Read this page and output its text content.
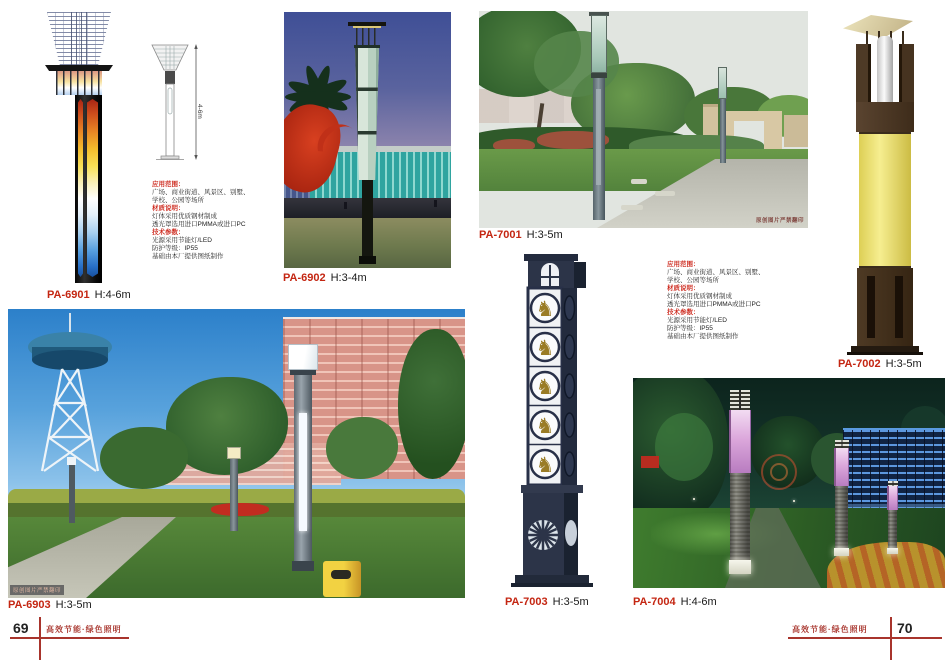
4-6m
应用范围：
广场、商业街道、风景区、别墅、
学校、公园等场所
材质说明：
灯体采用优质钢材制成
透光罩选用进口PMMA或进口PC
技术参数：
光源采用节能灯/LED
防护等级：IP55
基础由本厂提供图纸制作
原创图片严禁翻印
应用范围：
广场、商业街道、风景区、别墅、
学校、公园等场所
材质说明：
灯体采用优质钢材制成
透光罩选用进口PMMA或进口PC
技术参数：
光源采用节能灯/LED
防护等级：IP55
基础由本厂提供图纸制作
♞
♞
♞
♞
♞
原创图片严禁翻印
PA-6901 H:4-6m
PA-6902 H:3-4m
PA-6903 H:3-5m
PA-7001 H:3-5m
PA-7002 H:3-5m
PA-7003 H:3-5m	PA-7004 H:4-6m
69 高效节能·绿色照明	高效节能·绿色照明 70
